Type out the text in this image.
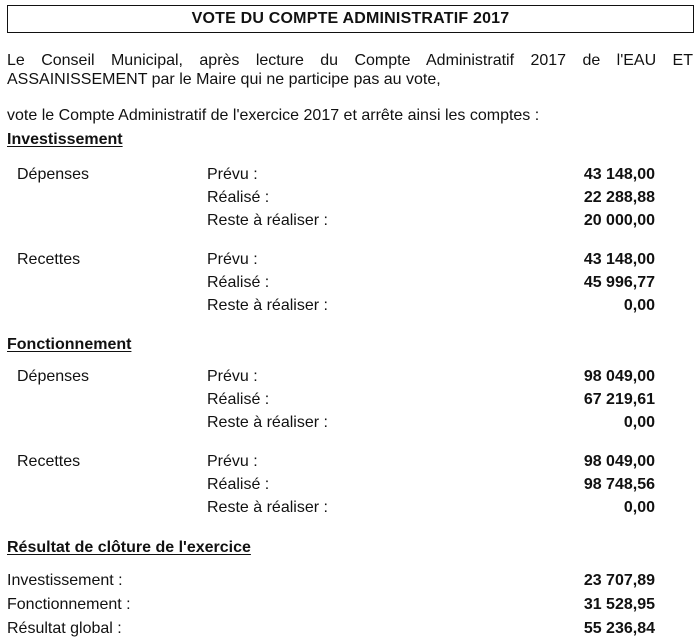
VOTE DU COMPTE ADMINISTRATIF 2017
Le Conseil Municipal, après lecture du Compte Administratif 2017 de l'EAU ET ASSAINISSEMENT par le Maire qui ne participe pas au vote,
vote le Compte Administratif de l'exercice 2017 et arrête ainsi les comptes :
Investissement
Dépenses	Prévu :	43 148,00
Réalisé :	22 288,88
Reste à réaliser :	20 000,00
Recettes	Prévu :	43 148,00
Réalisé :	45 996,77
Reste à réaliser :	0,00
Fonctionnement
Dépenses	Prévu :	98 049,00
Réalisé :	67 219,61
Reste à réaliser :	0,00
Recettes	Prévu :	98 049,00
Réalisé :	98 748,56
Reste à réaliser :	0,00
Résultat de clôture de l'exercice
Investissement :	23 707,89
Fonctionnement :	31 528,95
Résultat global :	55 236,84
